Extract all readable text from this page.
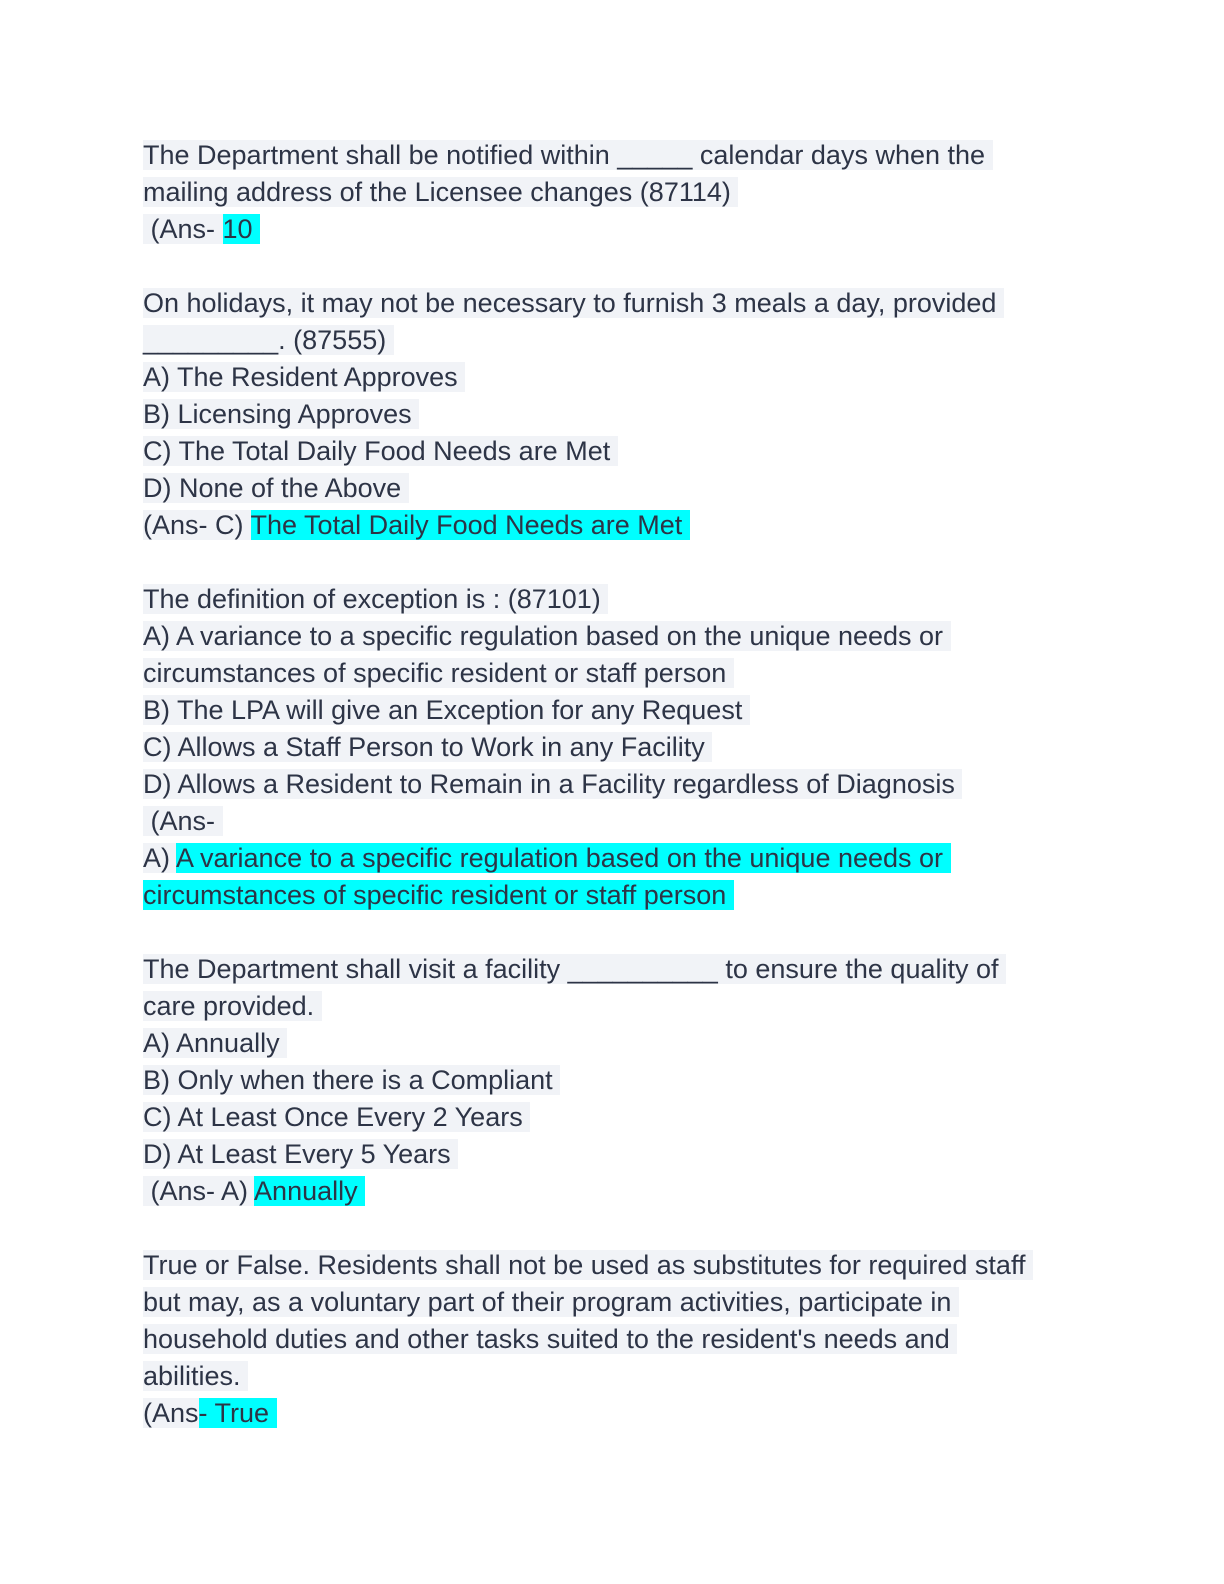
The Department shall be notified within _____ calendar days when the
mailing address of the Licensee changes (87114)
(Ans- 10
On holidays, it may not be necessary to furnish 3 meals a day, provided
_________. (87555)
A) The Resident Approves
B) Licensing Approves
C) The Total Daily Food Needs are Met
D) None of the Above
(Ans- C) The Total Daily Food Needs are Met
The definition of exception is : (87101)
A) A variance to a specific regulation based on the unique needs or
circumstances of specific resident or staff person
B) The LPA will give an Exception for any Request
C) Allows a Staff Person to Work in any Facility
D) Allows a Resident to Remain in a Facility regardless of Diagnosis
(Ans-
A) A variance to a specific regulation based on the unique needs or
circumstances of specific resident or staff person
The Department shall visit a facility __________ to ensure the quality of
care provided.
A) Annually
B) Only when there is a Compliant
C) At Least Once Every 2 Years
D) At Least Every 5 Years
(Ans- A) Annually
True or False. Residents shall not be used as substitutes for required staff
but may, as a voluntary part of their program activities, participate in
household duties and other tasks suited to the resident's needs and
abilities.
(Ans- True
